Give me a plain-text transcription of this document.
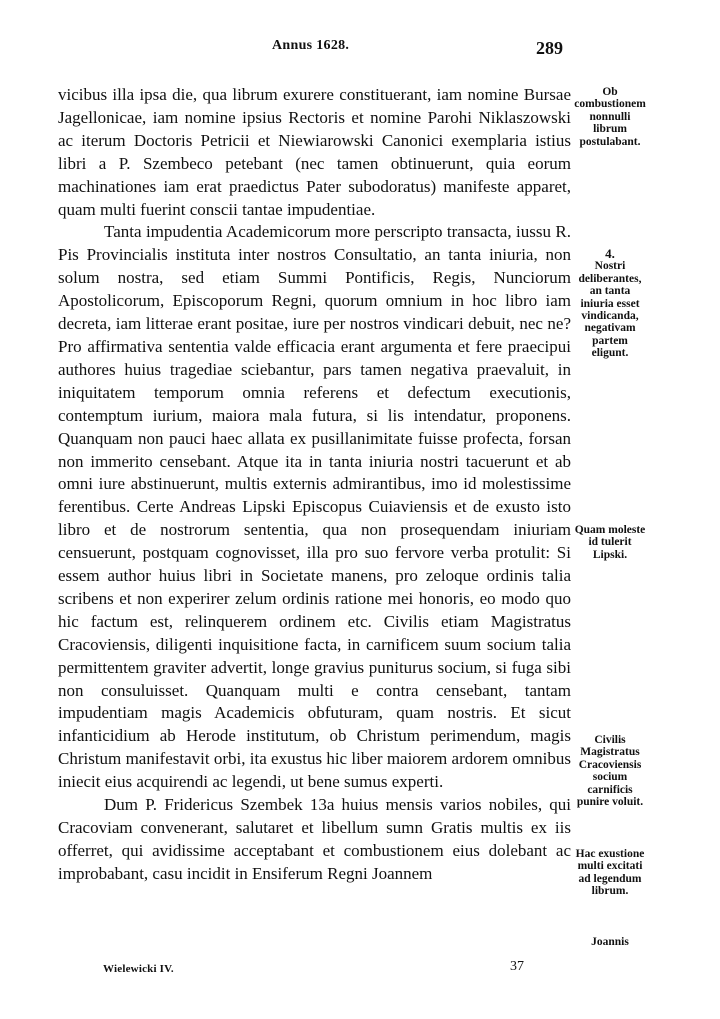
Annus 1628.	289

vicibus illa ipsa die, qua librum exurere constituerant, iam nomine Bursae Jagellonicae, iam nomine ipsius Rectoris et nomine Parohi Niklaszowski ac iterum Doctoris Petricii et Niewiarowski Canonici exemplaria istius libri a P. Szembeco petebant (nec tamen obtinuerunt, quia eorum machinationes iam erat praedictus Pater subodoratus) manifeste apparet, quam multi fuerint conscii tantae impudentiae.

Tanta impudentia Academicorum more perscripto transacta, iussu R. Pis Provincialis instituta inter nostros Consultatio, an tanta iniuria, non solum nostra, sed etiam Summi Pontificis, Regis, Nunciorum Apostolicorum, Episcoporum Regni, quorum omnium in hoc libro iam decreta, iam litterae erant positae, iure per nostros vindicari debuit, nec ne? Pro affirmativa sententia valde efficacia erant argumenta et fere praecipui authores huius tragediae sciebantur, pars tamen negativa praevaluit, in iniquitatem temporum omnia referens et defectum executionis, contemptum iurium, maiora mala futura, si lis intendatur, proponens. Quanquam non pauci haec allata ex pusillanimitate fuisse profecta, forsan non immerito censebant. Atque ita in tanta iniuria nostri tacuerunt et ab omni iure abstinuerunt, multis externis admirantibus, imo id molestissime ferentibus. Certe Andreas Lipski Episcopus Cuiaviensis et de exusto isto libro et de nostrorum sententia, qua non prosequendam iniuriam censuerunt, postquam cognovisset, illa pro suo fervore verba protulit: Si essem author huius libri in Societate manens, pro zeloque ordinis talia scribens et non experirer zelum ordinis ratione mei honoris, eo modo quo hic factum est, relinquerem ordinem etc. Civilis etiam Magistratus Cracoviensis, diligenti inquisitione facta, in carnificem suum socium talia permittentem graviter advertit, longe gravius puniturus socium, si fuga sibi non consuluisset. Quanquam multi e contra censebant, tantam impudentiam magis Academicis obfuturam, quam nostris. Et sicut infanticidium ab Herode institutum, ob Christum perimendum, magis Christum manifestavit orbi, ita exustus hic liber maiorem ardorem omnibus iniecit eius acquirendi ac legendi, ut bene sumus experti.

Dum P. Fridericus Szembek 13a huius mensis varios nobiles, qui Cracoviam convenerant, salutaret et libellum sumn Gratis multis ex iis offerret, qui avidissime acceptabant et combustionem eius dolebant ac improbabant, casu incidit in Ensiferum Regni Joannem

Ob combustionem nonnulli librum postulabant.
4.
Nostri deliberantes, an tanta iniuria esset vindicanda, negativam partem eligunt.
Quam moleste id tulerit Lipski.
Civilis Magistratus Cracoviensis socium carnificis punire voluit.
Hac exustione multi excitati ad legendum librum.
Joannis
Wielewicki IV.	37
